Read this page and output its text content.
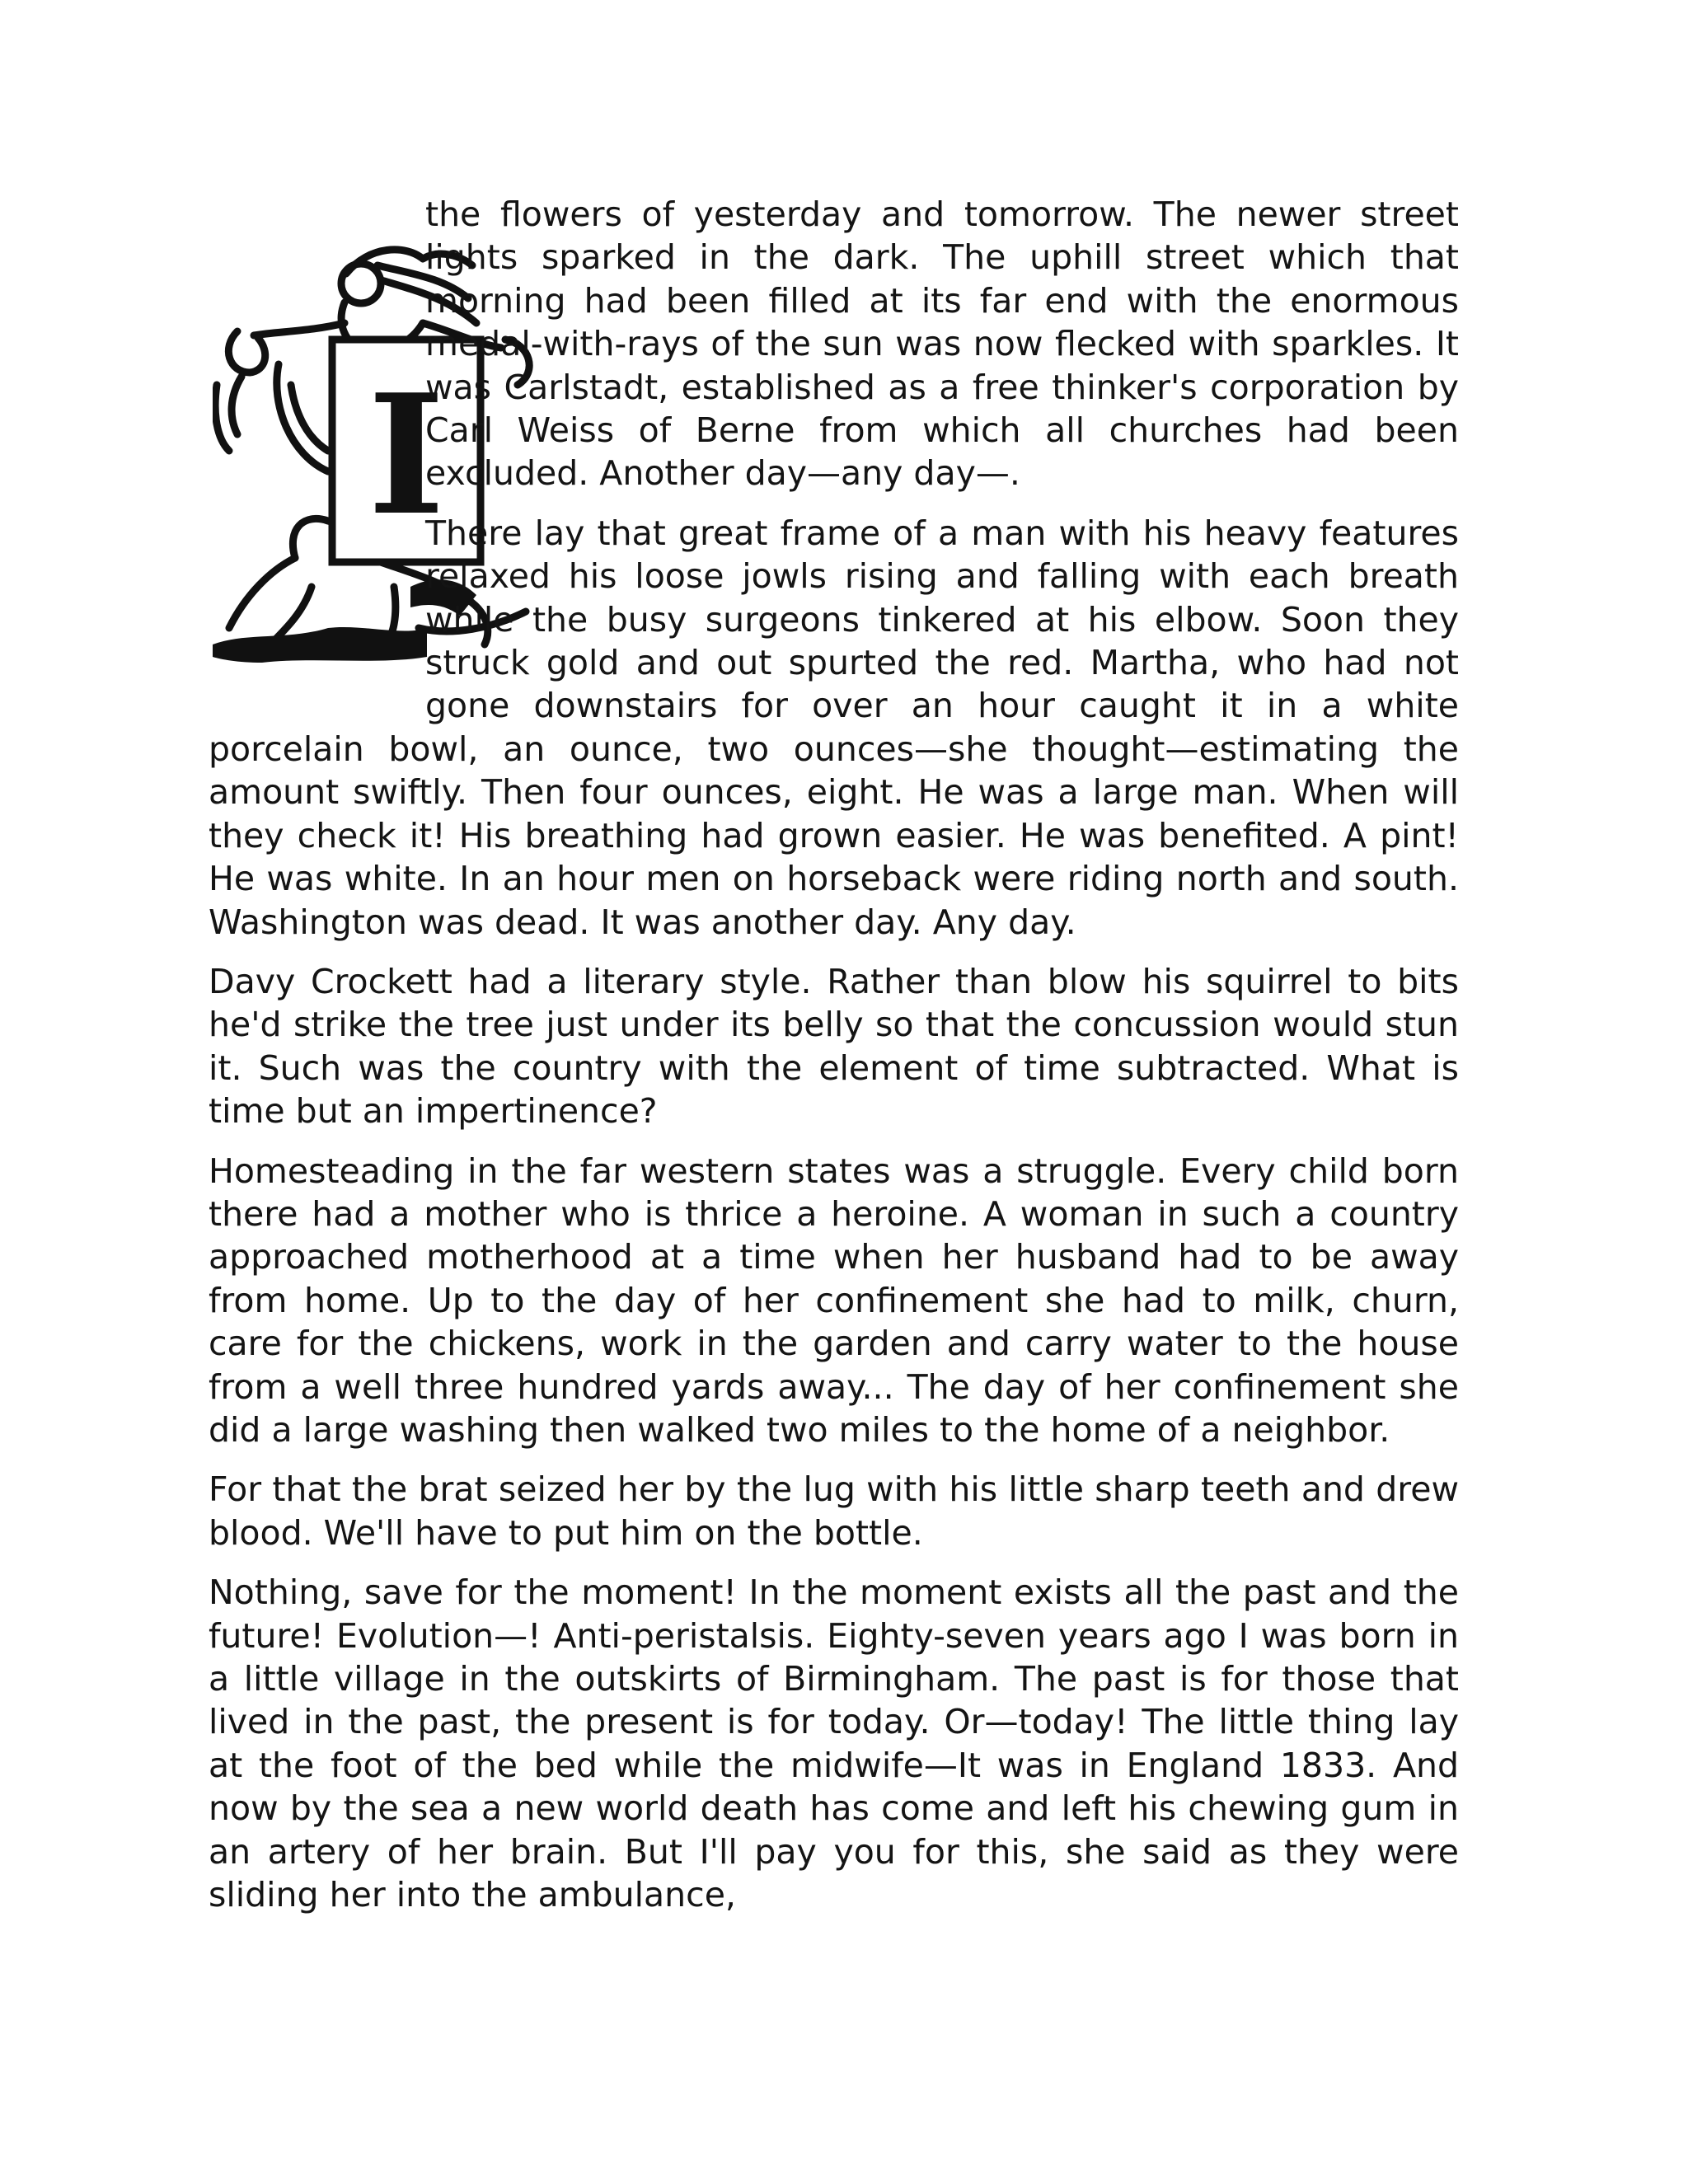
I

the flowers of yesterday and tomorrow. The newer street lights sparked in the dark. The uphill street which that morning had been filled at its far end with the enormous medal-with-rays of the sun was now flecked with sparkles. It was Carlstadt, established as a free thinker's corporation by Carl Weiss of Berne from which all churches had been excluded. Another day—any day—.

There lay that great frame of a man with his heavy features relaxed his loose jowls rising and falling with each breath while the busy surgeons tinkered at his elbow. Soon they struck gold and out spurted the red. Martha, who had not gone downstairs for over an hour caught it in a white porcelain bowl, an ounce, two ounces—she thought—estimating the amount swiftly. Then four ounces, eight. He was a large man. When will they check it! His breathing had grown easier. He was benefited. A pint! He was white. In an hour men on horseback were riding north and south. Washington was dead. It was another day. Any day.

Davy Crockett had a literary style. Rather than blow his squirrel to bits he'd strike the tree just under its belly so that the concussion would stun it. Such was the country with the element of time subtracted. What is time but an impertinence?

Homesteading in the far western states was a struggle. Every child born there had a mother who is thrice a heroine. A woman in such a country approached motherhood at a time when her husband had to be away from home. Up to the day of her confinement she had to milk, churn, care for the chickens, work in the garden and carry water to the house from a well three hundred yards away... The day of her confinement she did a large washing then walked two miles to the home of a neighbor.

For that the brat seized her by the lug with his little sharp teeth and drew blood. We'll have to put him on the bottle.

Nothing, save for the moment! In the moment exists all the past and the future! Evolution—! Anti-peristalsis. Eighty-seven years ago I was born in a little village in the outskirts of Birmingham. The past is for those that lived in the past, the present is for today. Or—today! The little thing lay at the foot of the bed while the midwife—It was in England 1833. And now by the sea a new world death has come and left his chewing gum in an artery of her brain. But I'll pay you for this, she said as they were sliding her into the ambulance,
